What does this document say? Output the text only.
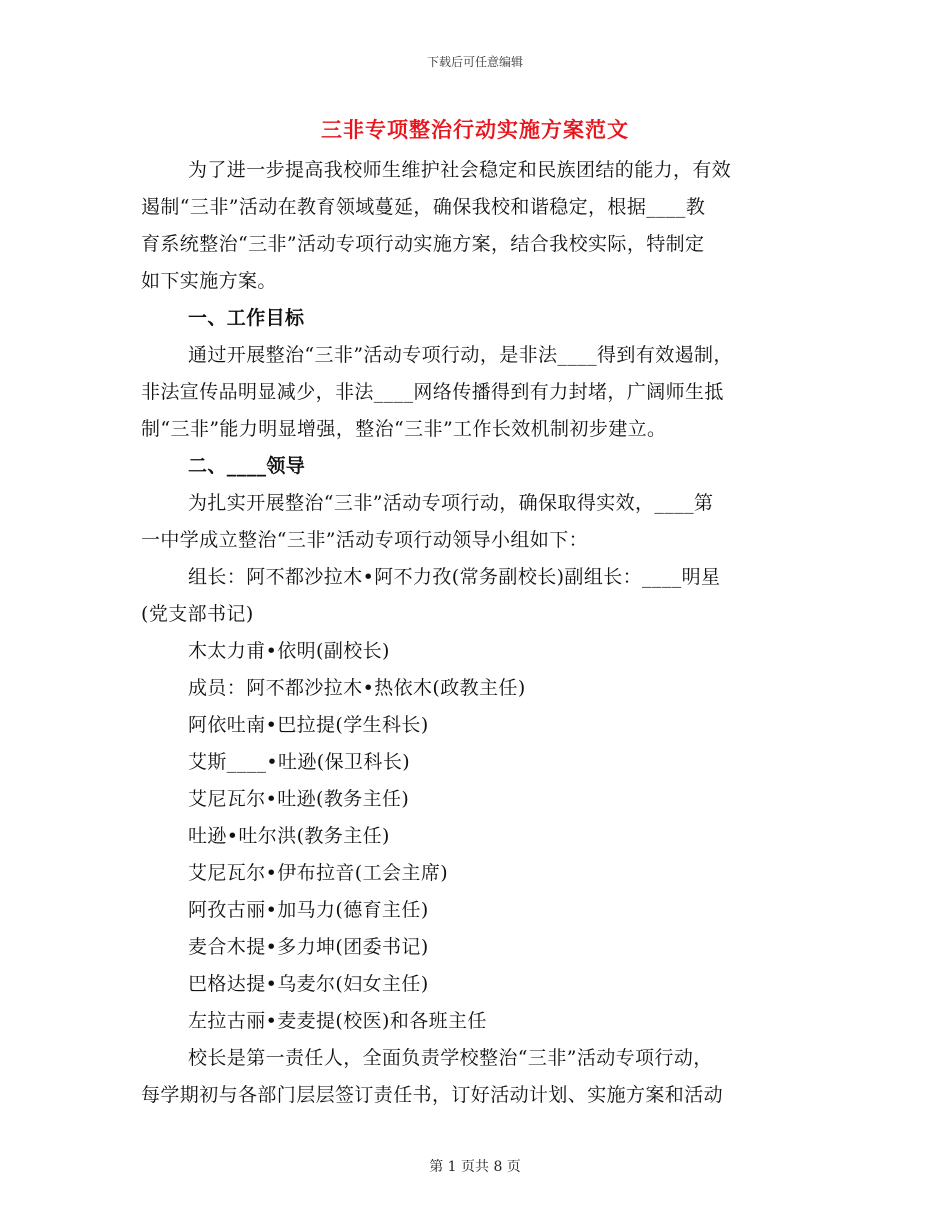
下载后可任意编辑
三非专项整治行动实施方案范文
为了进一步提高我校师生维护社会稳定和民族团结的能力，有效
遏制“三非”活动在教育领域蔓延，确保我校和谐稳定，根据____教
育系统整治“三非”活动专项行动实施方案，结合我校实际，特制定
如下实施方案。
一、工作目标
通过开展整治“三非”活动专项行动，是非法____得到有效遏制，
非法宣传品明显减少，非法____网络传播得到有力封堵，广阔师生抵
制“三非”能力明显增强，整治“三非”工作长效机制初步建立。
二、____领导
为扎实开展整治“三非”活动专项行动，确保取得实效，____第
一中学成立整治“三非”活动专项行动领导小组如下：
组长：阿不都沙拉木•阿不力孜(常务副校长)副组长：____明星
(党支部书记)
木太力甫•依明(副校长)
成员：阿不都沙拉木•热依木(政教主任)
阿依吐南•巴拉提(学生科长)
艾斯____•吐逊(保卫科长)
艾尼瓦尔•吐逊(教务主任)
吐逊•吐尔洪(教务主任)
艾尼瓦尔•伊布拉音(工会主席)
阿孜古丽•加马力(德育主任)
麦合木提•多力坤(团委书记)
巴格达提•乌麦尔(妇女主任)
左拉古丽•麦麦提(校医)和各班主任
校长是第一责任人，全面负责学校整治“三非”活动专项行动，
每学期初与各部门层层签订责任书，订好活动计划、实施方案和活动
第 1 页共 8 页
